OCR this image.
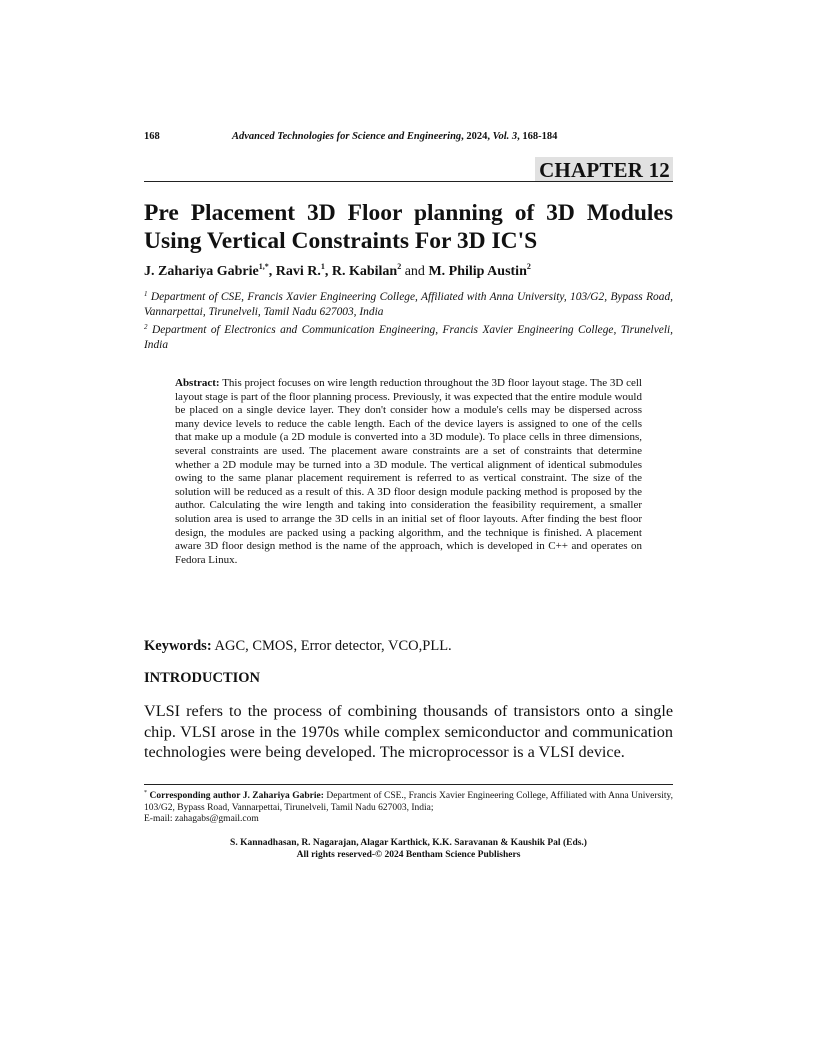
168	Advanced Technologies for Science and Engineering, 2024, Vol. 3, 168-184
CHAPTER 12
Pre Placement 3D Floor planning of 3D Modules Using Vertical Constraints For 3D IC'S
J. Zahariya Gabrie$^{1,*}$, Ravi R.$^1$, R. Kabilan$^2$ and M. Philip Austin$^2$
$^1$ Department of CSE, Francis Xavier Engineering College, Affiliated with Anna University, 103/G2, Bypass Road, Vannarpettai, Tirunelveli, Tamil Nadu 627003, India
$^2$ Department of Electronics and Communication Engineering, Francis Xavier Engineering College, Tirunelveli, India
Abstract: This project focuses on wire length reduction throughout the 3D floor layout stage. The 3D cell layout stage is part of the floor planning process. Previously, it was expected that the entire module would be placed on a single device layer. They don't consider how a module's cells may be dispersed across many device levels to reduce the cable length. Each of the device layers is assigned to one of the cells that make up a module (a 2D module is converted into a 3D module). To place cells in three dimensions, several constraints are used. The placement aware constraints are a set of constraints that determine whether a 2D module may be turned into a 3D module. The vertical alignment of identical submodules owing to the same planar placement requirement is referred to as vertical constraint. The size of the solution will be reduced as a result of this. A 3D floor design module packing method is proposed by the author. Calculating the wire length and taking into consideration the feasibility requirement, a smaller solution area is used to arrange the 3D cells in an initial set of floor layouts. After finding the best floor design, the modules are packed using a packing algorithm, and the technique is finished. A placement aware 3D floor design method is the name of the approach, which is developed in C++ and operates on Fedora Linux.
Keywords: AGC, CMOS, Error detector, VCO,PLL.
INTRODUCTION
VLSI refers to the process of combining thousands of transistors onto a single chip. VLSI arose in the 1970s while complex semiconductor and communication technologies were being developed. The microprocessor is a VLSI device.
* Corresponding author J. Zahariya Gabrie: Department of CSE., Francis Xavier Engineering College, Affiliated with Anna University, 103/G2, Bypass Road, Vannarpettai, Tirunelveli, Tamil Nadu 627003, India;
E-mail: zahagabs@gmail.com
S. Kannadhasan, R. Nagarajan, Alagar Karthick, K.K. Saravanan & Kaushik Pal (Eds.)
All rights reserved-© 2024 Bentham Science Publishers
